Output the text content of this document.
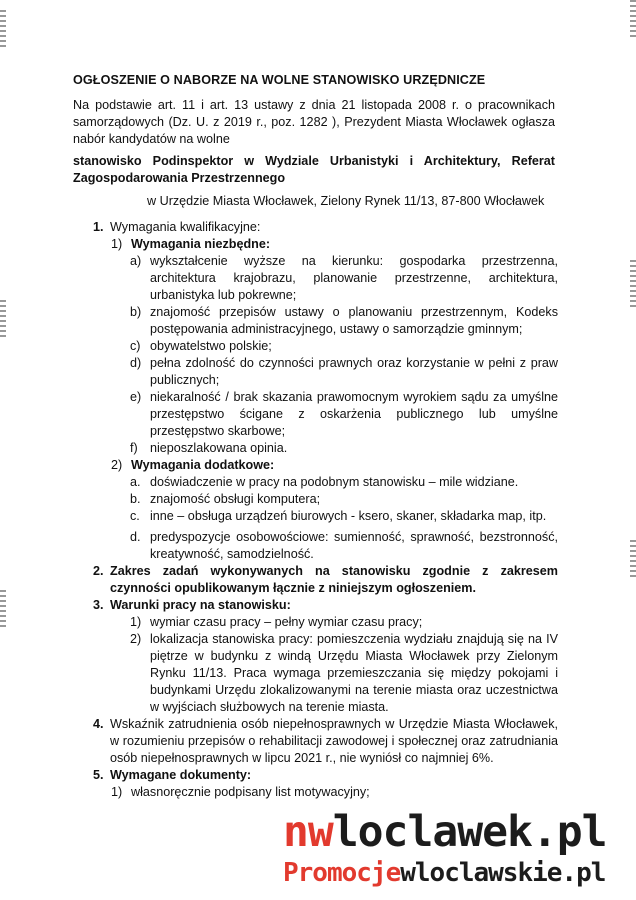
OGŁOSZENIE O NABORZE NA WOLNE STANOWISKO URZĘDNICZE
Na podstawie art. 11 i art. 13 ustawy z dnia 21 listopada 2008 r. o pracownikach samorządowych (Dz. U. z 2019 r., poz. 1282 ), Prezydent Miasta Włocławek ogłasza nabór kandydatów na wolne
stanowisko Podinspektor w Wydziale Urbanistyki i Architektury, Referat Zagospodarowania Przestrzennego
w Urzędzie Miasta Włocławek, Zielony Rynek 11/13, 87-800 Włocławek
1. Wymagania kwalifikacyjne:
1) Wymagania niezbędne:
a) wykształcenie wyższe na kierunku: gospodarka przestrzenna, architektura krajobrazu, planowanie przestrzenne, architektura, urbanistyka lub pokrewne;
b) znajomość przepisów ustawy o planowaniu przestrzennym, Kodeks postępowania administracyjnego, ustawy o samorządzie gminnym;
c) obywatelstwo polskie;
d) pełna zdolność do czynności prawnych oraz korzystanie w pełni z praw publicznych;
e) niekaralność / brak skazania prawomocnym wyrokiem sądu za umyślne przestępstwo ścigane z oskarżenia publicznego lub umyślne przestępstwo skarbowe;
f) nieposzlakowana opinia.
2) Wymagania dodatkowe:
a. doświadczenie w pracy na podobnym stanowisku – mile widziane.
b. znajomość obsługi komputera;
c. inne – obsługa urządzeń biurowych - ksero, skaner, składarka map, itp.
d. predyspozycje osobowościowe: sumienność, sprawność, bezstronność, kreatywność, samodzielność.
2. Zakres zadań wykonywanych na stanowisku zgodnie z zakresem czynności opublikowanym łącznie z niniejszym ogłoszeniem.
3. Warunki pracy na stanowisku:
1) wymiar czasu pracy – pełny wymiar czasu pracy;
2) lokalizacja stanowiska pracy: pomieszczenia wydziału znajdują się na IV piętrze w budynku z windą Urzędu Miasta Włocławek przy Zielonym Rynku 11/13. Praca wymaga przemieszczania się między pokojami i budynkami Urzędu zlokalizowanymi na terenie miasta oraz uczestnictwa w wyjściach służbowych na terenie miasta.
4. Wskaźnik zatrudnienia osób niepełnosprawnych w Urzędzie Miasta Włocławek, w rozumieniu przepisów o rehabilitacji zawodowej i społecznej oraz zatrudniania osób niepełnosprawnych w lipcu 2021 r., nie wyniósł co najmniej 6%.
5. Wymagane dokumenty:
1) własnoręcznie podpisany list motywacyjny;
nwloclawek.pl
Promocjewloclawskie.pl
